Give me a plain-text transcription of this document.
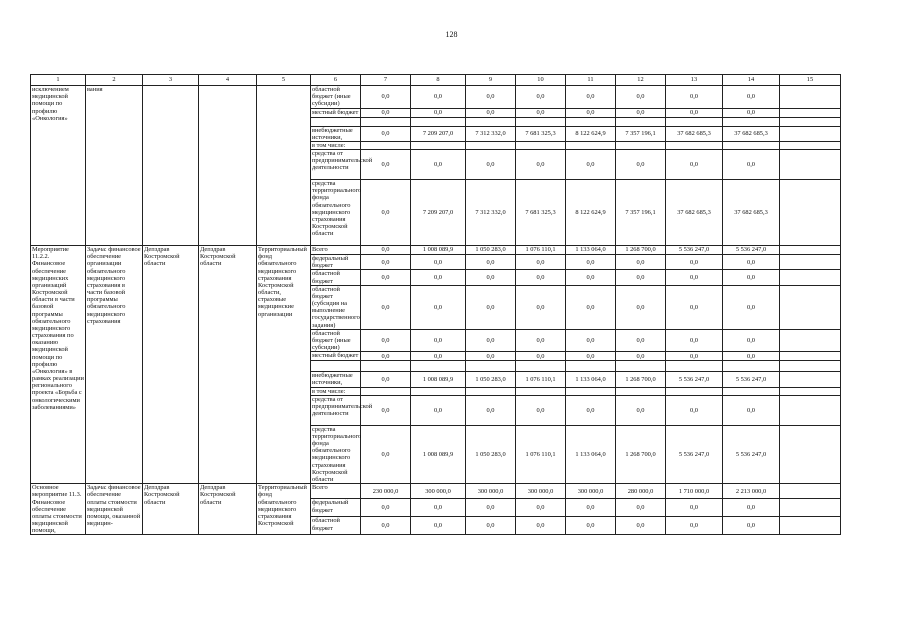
128
1	2	3	4	5	6	7	8	9	10	11	12	13	14	15
исключением медицинской помощи по профилю «Онкология»	вания				областной бюджет (иные субсидии)	0,0	0,0	0,0	0,0	0,0	0,0	0,0	0,0	
					местный бюджет	0,0	0,0	0,0	0,0	0,0	0,0	0,0	0,0	

					внебюджетные источники,	0,0	7 209 207,0	7 312 332,0	7 681 325,3	8 122 624,9	7 357 196,1	37 682 685,3	37 682 685,3	
					в том числе:									
					средства от предпринимательской деятельности	0,0	0,0	0,0	0,0	0,0	0,0	0,0	0,0	
					средства территориального фонда обязательного медицинского страхования Костромской области	0,0	7 209 207,0	7 312 332,0	7 681 325,3	8 122 624,9	7 357 196,1	37 682 685,3	37 682 685,3	
Мероприятие 11.2.2. Финансовое обеспечение медицинских организаций Костромской области в части базовой программы обязательного медицинского страхования по оказанию медицинской помощи по профилю «Онкология» в рамках реализации регионального проекта «Борьба с онкологическими заболеваниями»	Задача: финансовое обеспечение организации обязательного медицинского страхования в части базовой программы обязательного медицинского страхования	Депздрав Костромской области	Депздрав Костромской области	Территориальный фонд обязательного медицинского страхования Костромской области, страховые медицинские организации	Всего	0,0	1 008 089,9	1 050 283,0	1 076 110,1	1 133 064,0	1 268 700,0	5 536 247,0	5 536 247,0	
					федеральный бюджет	0,0	0,0	0,0	0,0	0,0	0,0	0,0	0,0	
					областной бюджет	0,0	0,0	0,0	0,0	0,0	0,0	0,0	0,0	
					областной бюджет (субсидия на выполнение государственного задания)	0,0	0,0	0,0	0,0	0,0	0,0	0,0	0,0	
					областной бюджет (иные субсидии)	0,0	0,0	0,0	0,0	0,0	0,0	0,0	0,0	
					местный бюджет	0,0	0,0	0,0	0,0	0,0	0,0	0,0	0,0	

					внебюджетные источники,	0,0	1 008 089,9	1 050 283,0	1 076 110,1	1 133 064,0	1 268 700,0	5 536 247,0	5 536 247,0	
					в том числе:									
					средства от предпринимательской деятельности	0,0	0,0	0,0	0,0	0,0	0,0	0,0	0,0	
					средства территориального фонда обязательного медицинского страхования Костромской области	0,0	1 008 089,9	1 050 283,0	1 076 110,1	1 133 064,0	1 268 700,0	5 536 247,0	5 536 247,0	
Основное мероприятие 11.3. Финансовое обеспечение оплаты стоимости медицинской помощи,	Задача: финансовое обеспечение оплаты стоимости медицинской помощи, оказанной медицин-	Депздрав Костромской области	Депздрав Костромской области	Территориальный фонд обязательного медицинского страхования Костромской	Всего	230 000,0	300 000,0	300 000,0	300 000,0	300 000,0	280 000,0	1 710 000,0	2 213 000,0	
					федеральный бюджет	0,0	0,0	0,0	0,0	0,0	0,0	0,0	0,0	
					областной бюджет	0,0	0,0	0,0	0,0	0,0	0,0	0,0	0,0	
